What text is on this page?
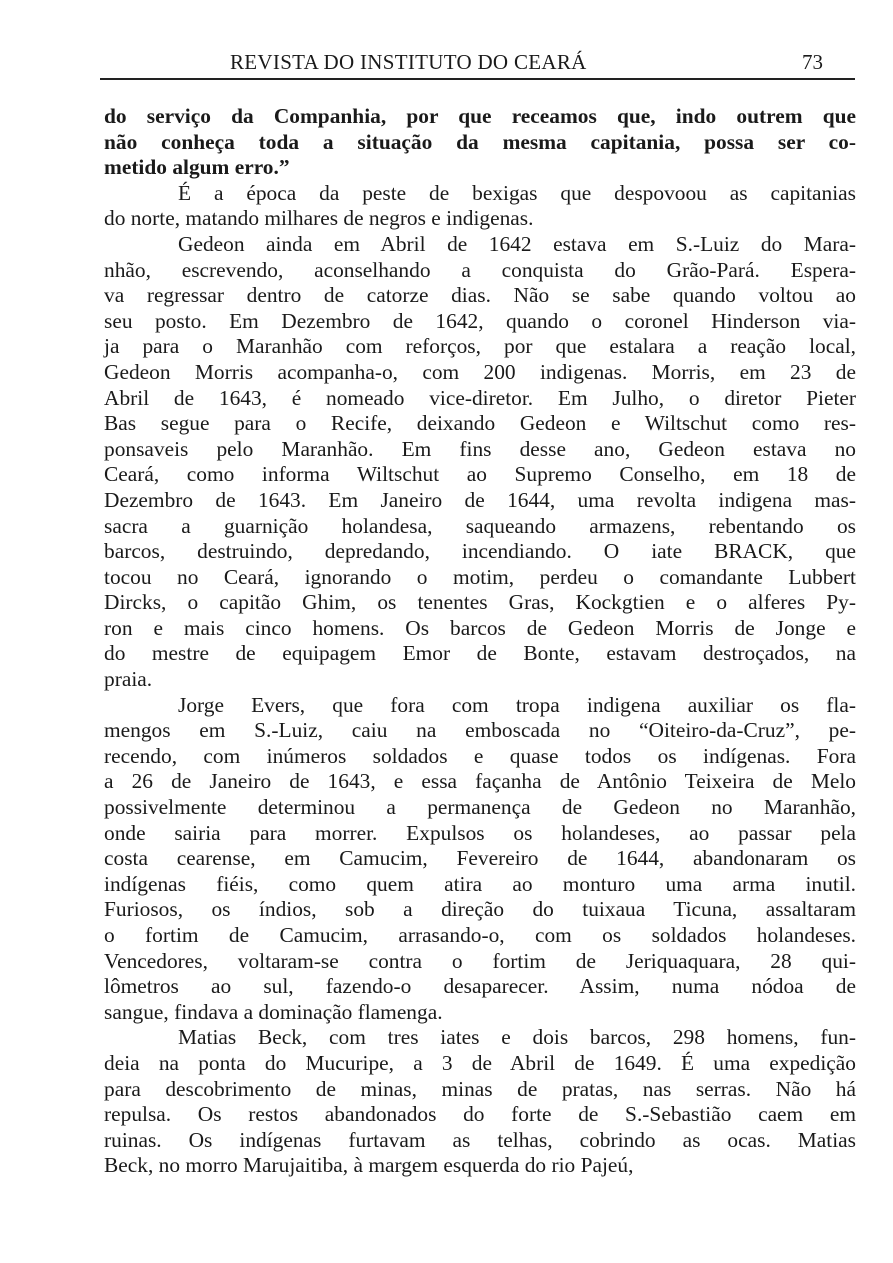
REVISTA DO INSTITUTO DO CEARÁ	73

do serviço da Companhia, por que receamos que, indo outrem que
não conheça toda a situação da mesma capitania, possa ser co-
metido algum erro.”

É a época da peste de bexigas que despovoou as capitanias
do norte, matando milhares de negros e indigenas.

Gedeon ainda em Abril de 1642 estava em S.-Luiz do Mara-
nhão, escrevendo, aconselhando a conquista do Grão-Pará. Espera-
va regressar dentro de catorze dias. Não se sabe quando voltou ao
seu posto. Em Dezembro de 1642, quando o coronel Hinderson via-
ja para o Maranhão com reforços, por que estalara a reação local,
Gedeon Morris acompanha-o, com 200 indigenas. Morris, em 23 de
Abril de 1643, é nomeado vice-diretor. Em Julho, o diretor Pieter
Bas segue para o Recife, deixando Gedeon e Wiltschut como res-
ponsaveis pelo Maranhão. Em fins desse ano, Gedeon estava no
Ceará, como informa Wiltschut ao Supremo Conselho, em 18 de
Dezembro de 1643. Em Janeiro de 1644, uma revolta indigena mas-
sacra a guarnição holandesa, saqueando armazens, rebentando os
barcos, destruindo, depredando, incendiando. O iate BRACK, que
tocou no Ceará, ignorando o motim, perdeu o comandante Lubbert
Dircks, o capitão Ghim, os tenentes Gras, Kockgtien e o alferes Py-
ron e mais cinco homens. Os barcos de Gedeon Morris de Jonge e
do mestre de equipagem Emor de Bonte, estavam destroçados, na
praia.

Jorge Evers, que fora com tropa indigena auxiliar os fla-
mengos em S.-Luiz, caiu na emboscada no “Oiteiro-da-Cruz”, pe-
recendo, com inúmeros soldados e quase todos os indígenas. Fora
a 26 de Janeiro de 1643, e essa façanha de Antônio Teixeira de Melo
possivelmente determinou a permanença de Gedeon no Maranhão,
onde sairia para morrer. Expulsos os holandeses, ao passar pela
costa cearense, em Camucim, Fevereiro de 1644, abandonaram os
indígenas fiéis, como quem atira ao monturo uma arma inutil.
Furiosos, os índios, sob a direção do tuixaua Ticuna, assaltaram
o fortim de Camucim, arrasando-o, com os soldados holandeses.
Vencedores, voltaram-se contra o fortim de Jeriquaquara, 28 qui-
lômetros ao sul, fazendo-o desaparecer. Assim, numa nódoa de
sangue, findava a dominação flamenga.

Matias Beck, com tres iates e dois barcos, 298 homens, fun-
deia na ponta do Mucuripe, a 3 de Abril de 1649. É uma expedição
para descobrimento de minas, minas de pratas, nas serras. Não há
repulsa. Os restos abandonados do forte de S.-Sebastião caem em
ruinas. Os indígenas furtavam as telhas, cobrindo as ocas. Matias
Beck, no morro Marujaitiba, à margem esquerda do rio Pajeú,
